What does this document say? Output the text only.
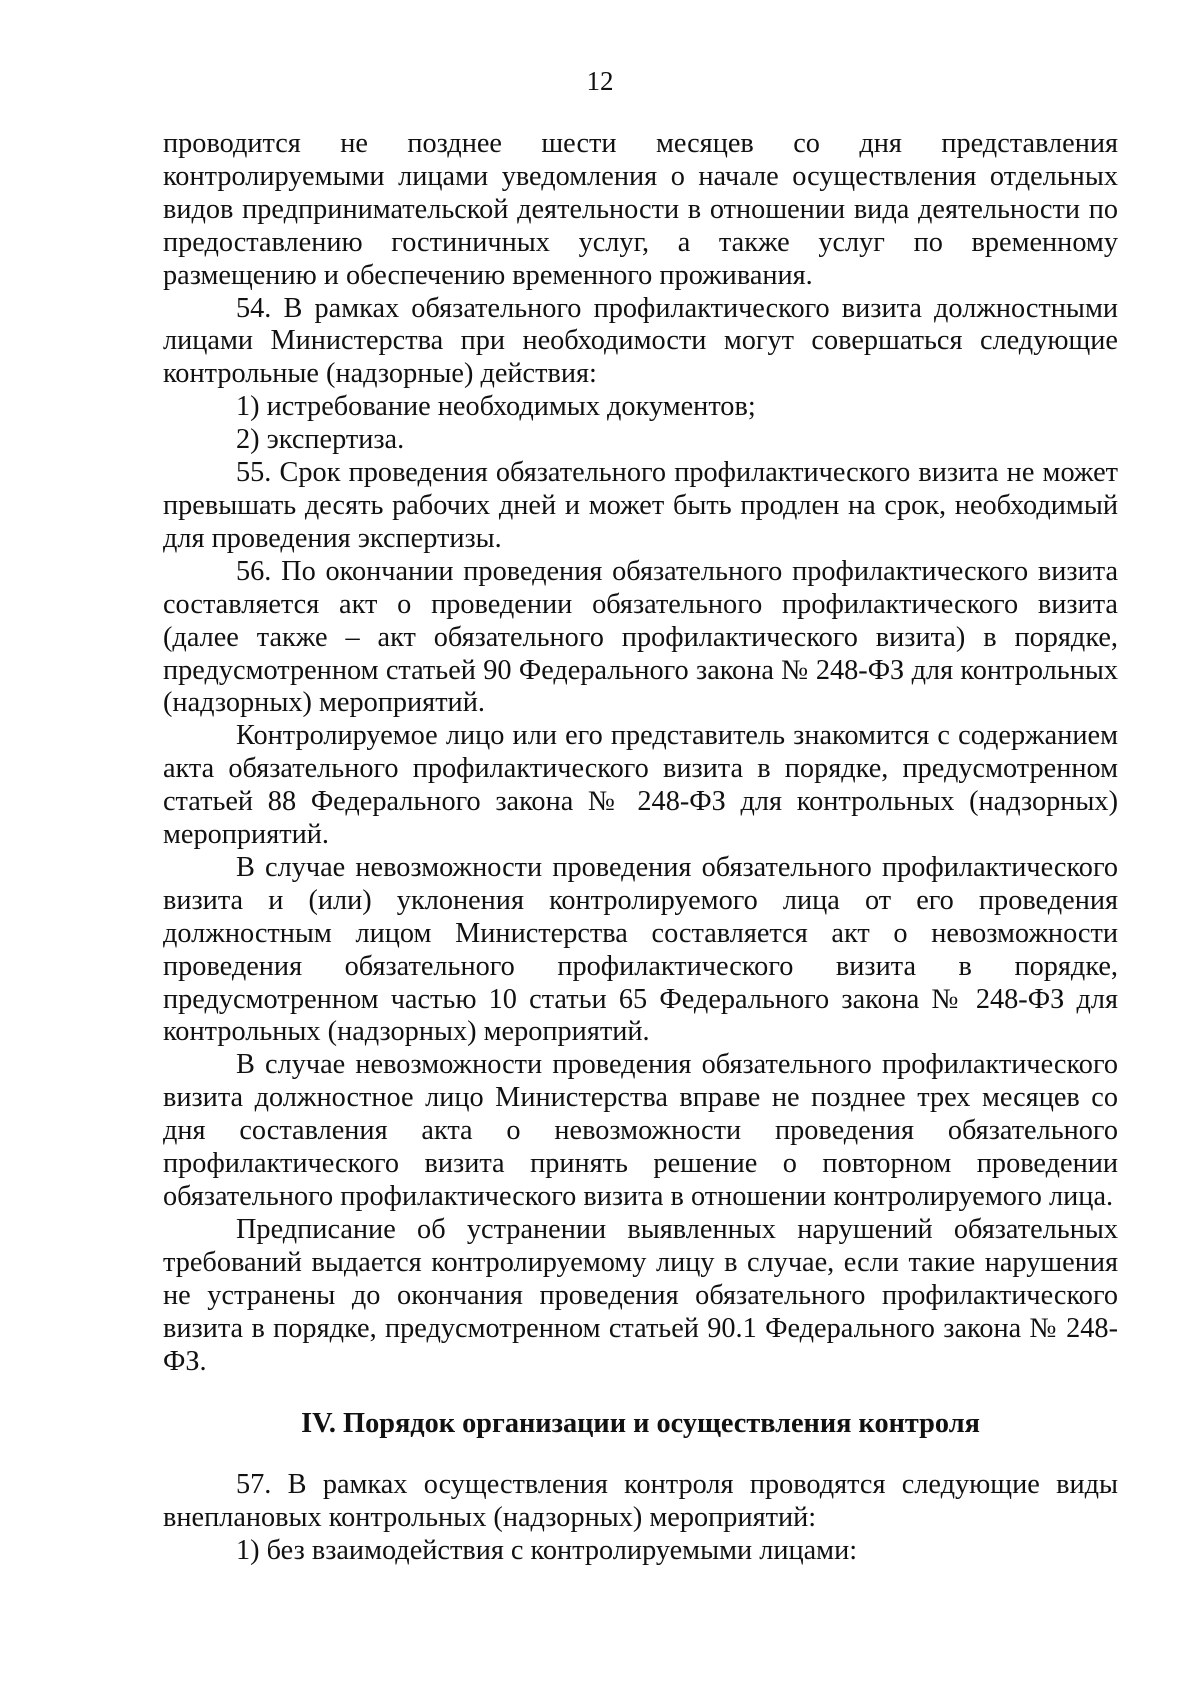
12

проводится не позднее шести месяцев со дня представления контролируемыми лицами уведомления о начале осуществления отдельных видов предпринимательской деятельности в отношении вида деятельности по предоставлению гостиничных услуг, а также услуг по временному размещению и обеспечению временного проживания.

54. В рамках обязательного профилактического визита должностными лицами Министерства при необходимости могут совершаться следующие контрольные (надзорные) действия:

1) истребование необходимых документов;

2) экспертиза.

55. Срок проведения обязательного профилактического визита не может превышать десять рабочих дней и может быть продлен на срок, необходимый для проведения экспертизы.

56. По окончании проведения обязательного профилактического визита составляется акт о проведении обязательного профилактического визита (далее также – акт обязательного профилактического визита) в порядке, предусмотренном статьей 90 Федерального закона № 248-ФЗ для контрольных (надзорных) мероприятий.

Контролируемое лицо или его представитель знакомится с содержанием акта обязательного профилактического визита в порядке, предусмотренном статьей 88 Федерального закона № 248-ФЗ для контрольных (надзорных) мероприятий.

В случае невозможности проведения обязательного профилактического визита и (или) уклонения контролируемого лица от его проведения должностным лицом Министерства составляется акт о невозможности проведения обязательного профилактического визита в порядке, предусмотренном частью 10 статьи 65 Федерального закона № 248-ФЗ для контрольных (надзорных) мероприятий.

В случае невозможности проведения обязательного профилактического визита должностное лицо Министерства вправе не позднее трех месяцев со дня составления акта о невозможности проведения обязательного профилактического визита принять решение о повторном проведении обязательного профилактического визита в отношении контролируемого лица.

Предписание об устранении выявленных нарушений обязательных требований выдается контролируемому лицу в случае, если такие нарушения не устранены до окончания проведения обязательного профилактического визита в порядке, предусмотренном статьей 90.1 Федерального закона № 248-ФЗ.

IV. Порядок организации и осуществления контроля

57. В рамках осуществления контроля проводятся следующие виды внеплановых контрольных (надзорных) мероприятий:

1) без взаимодействия с контролируемыми лицами:
